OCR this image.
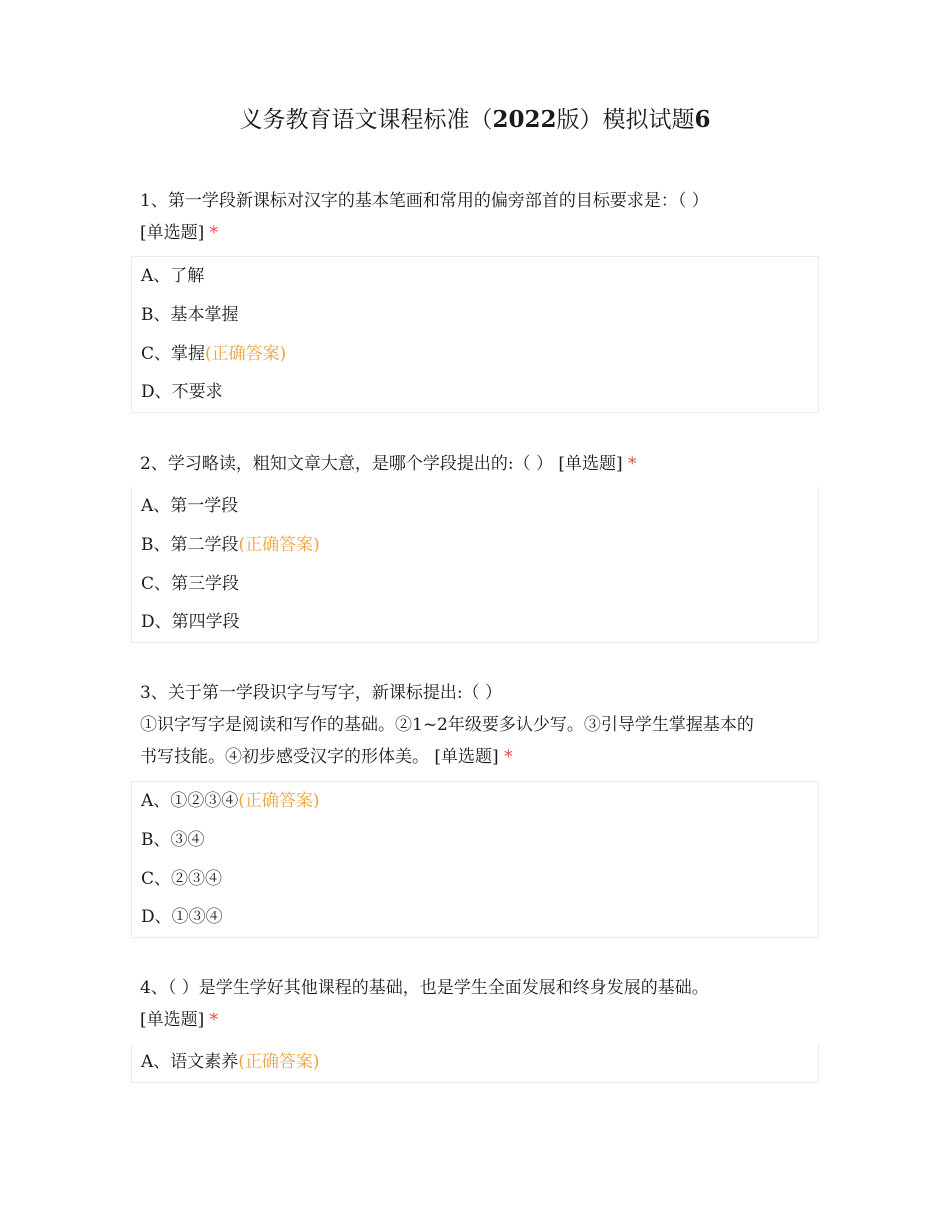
义务教育语文课程标准（2022版）模拟试题6
1、第一学段新课标对汉字的基本笔画和常用的偏旁部首的目标要求是：（ ）
[单选题] *
A、了解
B、基本掌握
C、掌握(正确答案)
D、不要求
2、学习略读，粗知文章大意，是哪个学段提出的:（ ） [单选题] *
A、第一学段
B、第二学段(正确答案)
C、第三学段
D、第四学段
3、关于第一学段识字与写字，新课标提出:（ ）
①识字写字是阅读和写作的基础。②1~2年级要多认少写。③引导学生掌握基本的
书写技能。④初步感受汉字的形体美。 [单选题] *
A、①②③④(正确答案)
B、③④
C、②③④
D、①③④
4、（ ）是学生学好其他课程的基础，也是学生全面发展和终身发展的基础。
[单选题] *
A、语文素养(正确答案)
